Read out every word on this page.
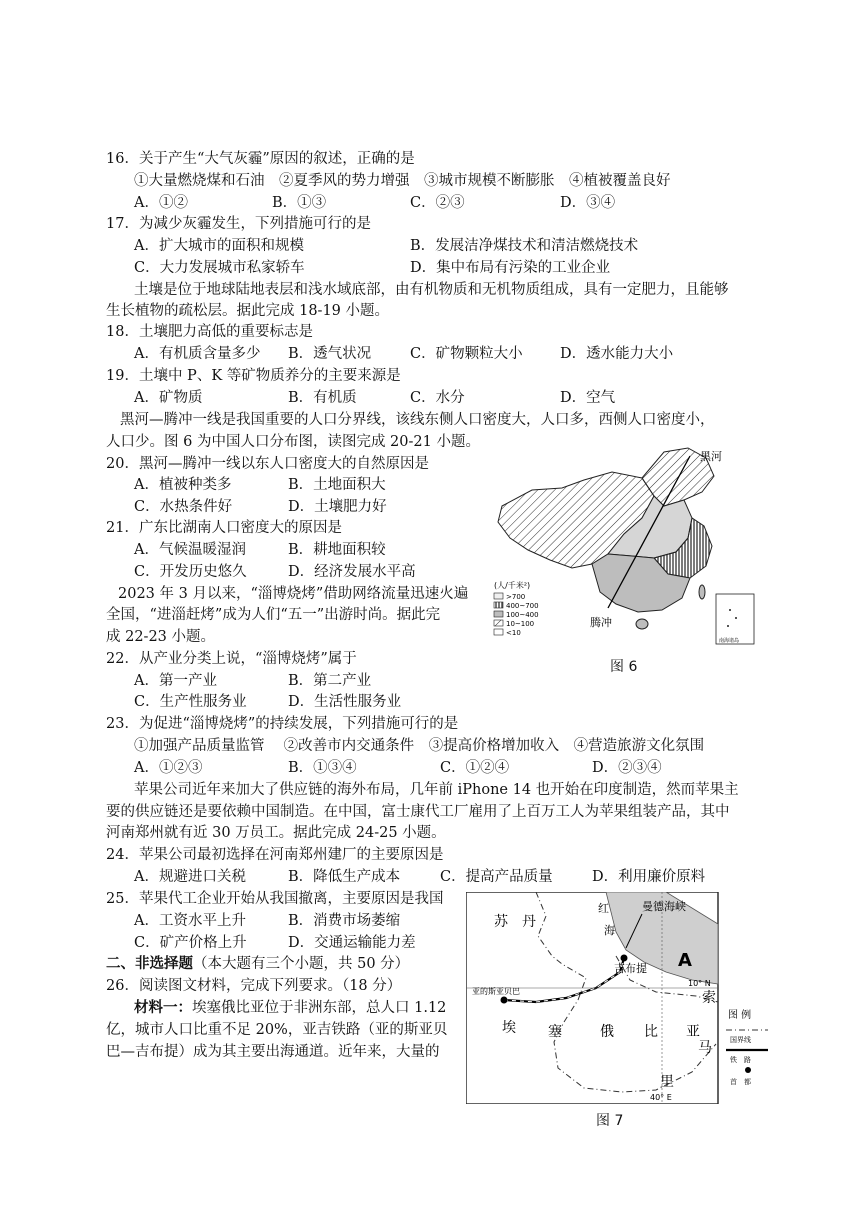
16．关于产生“大气灰霾”原因的叙述，正确的是
①大量燃烧煤和石油　②夏季风的势力增强　③城市规模不断膨胀　④植被覆盖良好
A．①②	B．①③	C．②③	D．③④
17．为减少灰霾发生，下列措施可行的是
A．扩大城市的面积和规模	B．发展洁净煤技术和清洁燃烧技术
C．大力发展城市私家轿车	D．集中布局有污染的工业企业
土壤是位于地球陆地表层和浅水域底部，由有机物质和无机物质组成，具有一定肥力，且能够
生长植物的疏松层。据此完成 18-19 小题。
18．土壤肥力高低的重要标志是
A．有机质含量多少 B．透气状况	C．矿物颗粒大小	D．透水能力大小
19．土壤中 P、K 等矿物质养分的主要来源是
A．矿物质	B．有机质	C．水分	D．空气
黑河—腾冲一线是我国重要的人口分界线，该线东侧人口密度大，人口多，西侧人口密度小，
人口少。图 6 为中国人口分布图，读图完成 20-21 小题。
20．黑河—腾冲一线以东人口密度大的自然原因是
A．植被种类多	B．土地面积大
C．水热条件好	D．土壤肥力好
21．广东比湖南人口密度大的原因是
A．气候温暖湿润	B．耕地面积较
C．开发历史悠久	D．经济发展水平高
2023 年 3 月以来，“淄博烧烤”借助网络流量迅速火遍
全国，“进淄赶烤”成为人们“五一”出游时尚。据此完
成 22-23 小题。
22．从产业分类上说，“淄博烧烤”属于
A．第一产业	B．第二产业
C．生产性服务业	D．生活性服务业
23．为促进“淄博烧烤”的持续发展，下列措施可行的是
①加强产品质量监管　 ②改善市内交通条件　③提高价格增加收入　④营造旅游文化氛围
A．①②③	B．①③④	C．①②④	D．②③④
苹果公司近年来加大了供应链的海外布局，几年前 iPhone 14 也开始在印度制造，然而苹果主
要的供应链还是要依赖中国制造。在中国，富士康代工厂雇用了上百万工人为苹果组装产品，其中
河南郑州就有近 30 万员工。据此完成 24-25 小题。
24．苹果公司最初选择在河南郑州建厂的主要原因是
A．规避进口关税	B．降低生产成本	C．提高产品质量	D．利用廉价原料
25．苹果代工企业开始从我国撤离，主要原因是我国
A．工资水平上升	B．消费市场萎缩
C．矿产价格上升	D．交通运输能力差
二、非选择题（本大题有三个小题，共 50 分）
26．阅读图文材料，完成下列要求。（18 分）
材料一：埃塞俄比亚位于非洲东部，总人口 1.12
亿，城市人口比重不足 20%，亚吉铁路（亚的斯亚贝
巴—吉布提）成为其主要出海通道。近年来，大量的
黑河
腾冲
(人/千米²)
>700
400~700
100~400
10~100
<10
南海诸岛
图 6
苏　丹
红
海
曼德海峡
吉布提 A
亚的斯亚贝巴
10° N
40° E
埃 塞	俄 比 亚
索
马
里
图 例
国界线
铁　路
首　都
图 7
